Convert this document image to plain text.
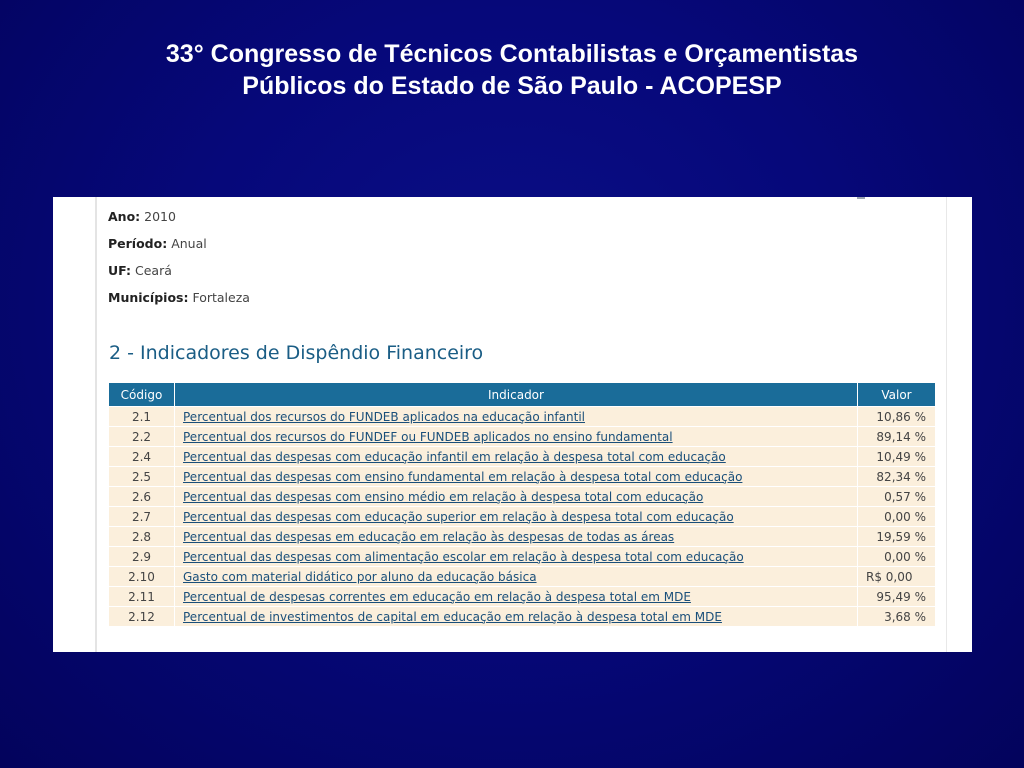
33° Congresso de Técnicos Contabilistas e Orçamentistas
Públicos do Estado de São Paulo - ACOPESP
Ano: 2010
Período: Anual
UF: Ceará
Municípios: Fortaleza
2 - Indicadores de Dispêndio Financeiro
Código	Indicador	Valor
2.1	Percentual dos recursos do FUNDEB aplicados na educação infantil	10,86 %
2.2	Percentual dos recursos do FUNDEF ou FUNDEB aplicados no ensino fundamental	89,14 %
2.4	Percentual das despesas com educação infantil em relação à despesa total com educação	10,49 %
2.5	Percentual das despesas com ensino fundamental em relação à despesa total com educação	82,34 %
2.6	Percentual das despesas com ensino médio em relação à despesa total com educação	0,57 %
2.7	Percentual das despesas com educação superior em relação à despesa total com educação	0,00 %
2.8	Percentual das despesas em educação em relação às despesas de todas as áreas	19,59 %
2.9	Percentual das despesas com alimentação escolar em relação à despesa total com educação	0,00 %
2.10	Gasto com material didático por aluno da educação básica	R$ 0,00
2.11	Percentual de despesas correntes em educação em relação à despesa total em MDE	95,49 %
2.12	Percentual de investimentos de capital em educação em relação à despesa total em MDE	3,68 %
